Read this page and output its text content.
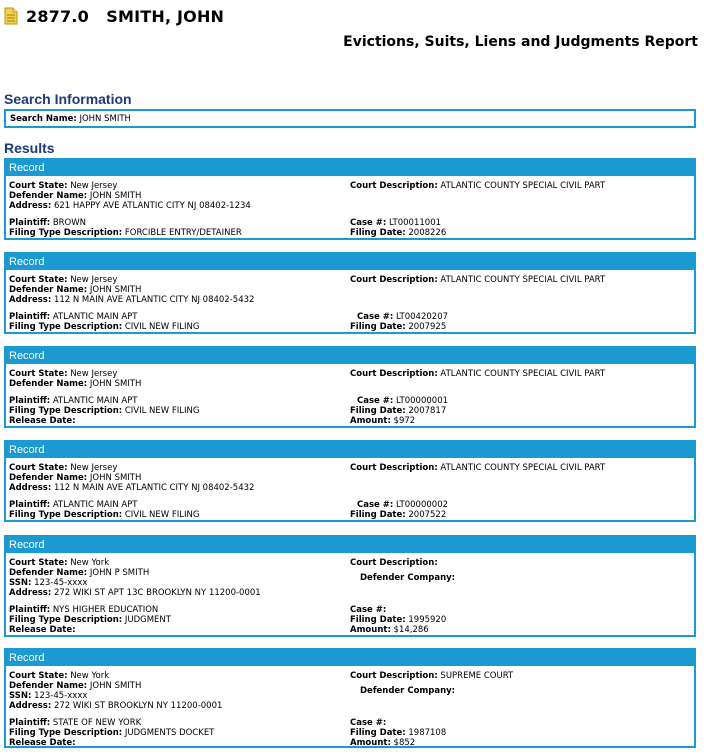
2877.0   SMITH, JOHN
Evictions, Suits, Liens and Judgments Report
Search Information
Search Name: JOHN SMITH
Results
Record
Court State: New Jersey
Defender Name: JOHN SMITH
Address: 621 HAPPY AVE ATLANTIC CITY NJ 08402-1234
Plaintiff: BROWN
Filing Type Description: FORCIBLE ENTRY/DETAINER
Court Description: ATLANTIC COUNTY SPECIAL CIVIL PART
Case #: LT00011001
Filing Date: 2008226
Record
Court State: New Jersey
Defender Name: JOHN SMITH
Address: 112 N MAIN AVE ATLANTIC CITY NJ 08402-5432
Plaintiff: ATLANTIC MAIN APT
Filing Type Description: CIVIL NEW FILING
Court Description: ATLANTIC COUNTY SPECIAL CIVIL PART
Case #: LT00420207
Filing Date: 2007925
Record
Court State: New Jersey
Defender Name: JOHN SMITH
Plaintiff: ATLANTIC MAIN APT
Filing Type Description: CIVIL NEW FILING
Release Date:
Court Description: ATLANTIC COUNTY SPECIAL CIVIL PART
Case #: LT00000001
Filing Date: 2007817
Amount: $972
Record
Court State: New Jersey
Defender Name: JOHN SMITH
Address: 112 N MAIN AVE ATLANTIC CITY NJ 08402-5432
Plaintiff: ATLANTIC MAIN APT
Filing Type Description: CIVIL NEW FILING
Court Description: ATLANTIC COUNTY SPECIAL CIVIL PART
Case #: LT00000002
Filing Date: 2007522
Record
Court State: New York
Defender Name: JOHN P SMITH
SSN: 123-45-xxxx
Address: 272 WIKI ST APT 13C BROOKLYN NY 11200-0001
Plaintiff: NYS HIGHER EDUCATION
Filing Type Description: JUDGMENT
Release Date:
Court Description:
Defender Company:
Case #:
Filing Date: 1995920
Amount: $14,286
Record
Court State: New York
Defender Name: JOHN SMITH
SSN: 123-45-xxxx
Address: 272 WIKI ST BROOKLYN NY 11200-0001
Plaintiff: STATE OF NEW YORK
Filing Type Description: JUDGMENTS DOCKET
Release Date:
Court Description: SUPREME COURT
Defender Company:
Case #:
Filing Date: 1987108
Amount: $852
